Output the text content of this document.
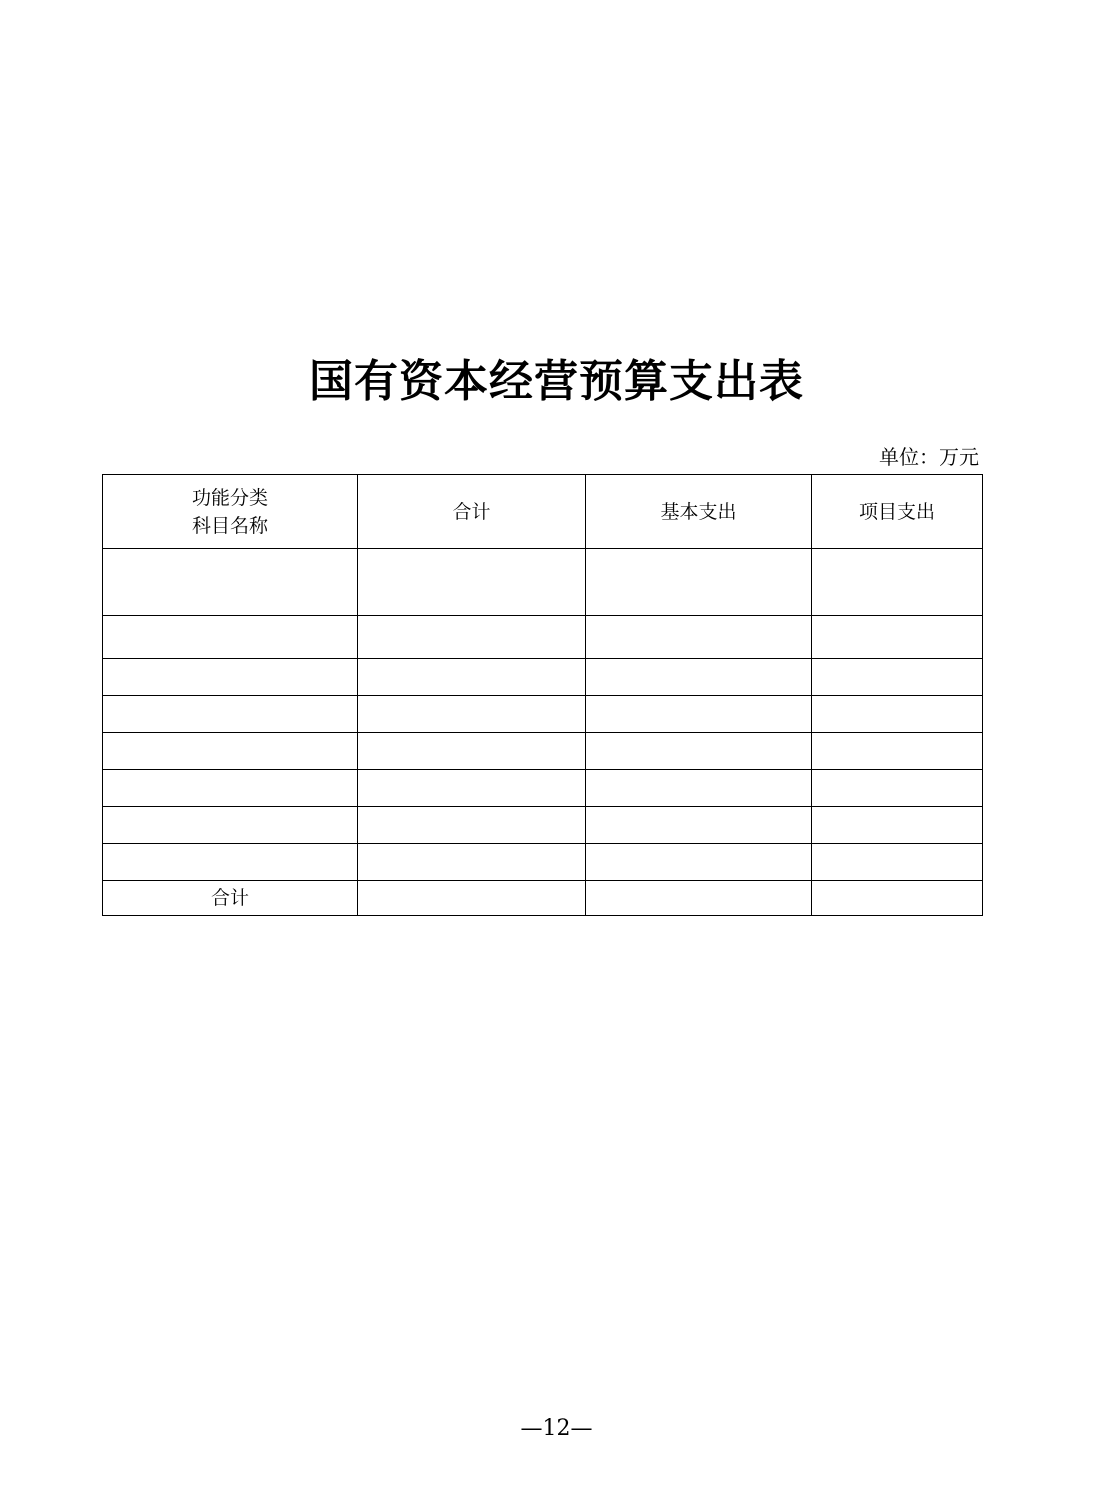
国有资本经营预算支出表
单位：万元
功能分类
科目名称	合计	基本支出	项目支出

合计			
—12—
